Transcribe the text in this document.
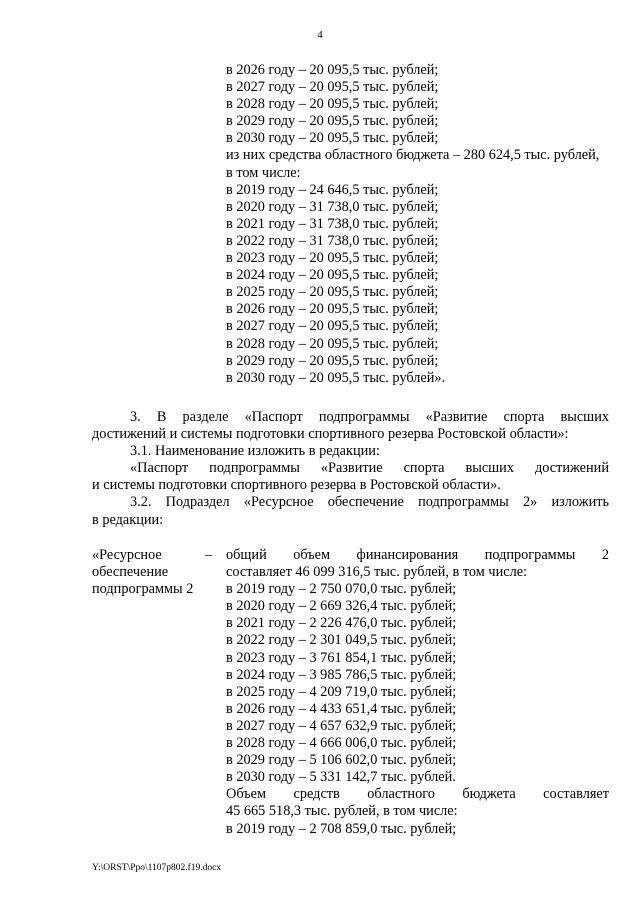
4
в 2026 году – 20 095,5 тыс. рублей;
в 2027 году – 20 095,5 тыс. рублей;
в 2028 году – 20 095,5 тыс. рублей;
в 2029 году – 20 095,5 тыс. рублей;
в 2030 году – 20 095,5 тыс. рублей;
из них средства областного бюджета – 280 624,5 тыс. рублей,
в том числе:
в 2019 году – 24 646,5 тыс. рублей;
в 2020 году – 31 738,0 тыс. рублей;
в 2021 году – 31 738,0 тыс. рублей;
в 2022 году – 31 738,0 тыс. рублей;
в 2023 году – 20 095,5 тыс. рублей;
в 2024 году – 20 095,5 тыс. рублей;
в 2025 году – 20 095,5 тыс. рублей;
в 2026 году – 20 095,5 тыс. рублей;
в 2027 году – 20 095,5 тыс. рублей;
в 2028 году – 20 095,5 тыс. рублей;
в 2029 году – 20 095,5 тыс. рублей;
в 2030 году – 20 095,5 тыс. рублей».
3. В разделе «Паспорт подпрограммы «Развитие спорта высших
достижений и системы подготовки спортивного резерва Ростовской области»:
3.1. Наименование изложить в редакции:
«Паспорт подпрограммы «Развитие спорта высших достижений
и системы подготовки спортивного резерва в Ростовской области».
3.2. Подраздел «Ресурсное обеспечение подпрограммы 2» изложить
в редакции:
«Ресурсное
обеспечение
подпрограммы 2
– общий объем финансирования подпрограммы 2
составляет 46 099 316,5 тыс. рублей, в том числе:
в 2019 году – 2 750 070,0 тыс. рублей;
в 2020 году – 2 669 326,4 тыс. рублей;
в 2021 году – 2 226 476,0 тыс. рублей;
в 2022 году – 2 301 049,5 тыс. рублей;
в 2023 году – 3 761 854,1 тыс. рублей;
в 2024 году – 3 985 786,5 тыс. рублей;
в 2025 году – 4 209 719,0 тыс. рублей;
в 2026 году – 4 433 651,4 тыс. рублей;
в 2027 году – 4 657 632,9 тыс. рублей;
в 2028 году – 4 666 006,0 тыс. рублей;
в 2029 году – 5 106 602,0 тыс. рублей;
в 2030 году – 5 331 142,7 тыс. рублей.
Объем средств областного бюджета составляет
45 665 518,3 тыс. рублей, в том числе:
в 2019 году – 2 708 859,0 тыс. рублей;
Y:\ORST\Ppo\1107p802.f19.docx
